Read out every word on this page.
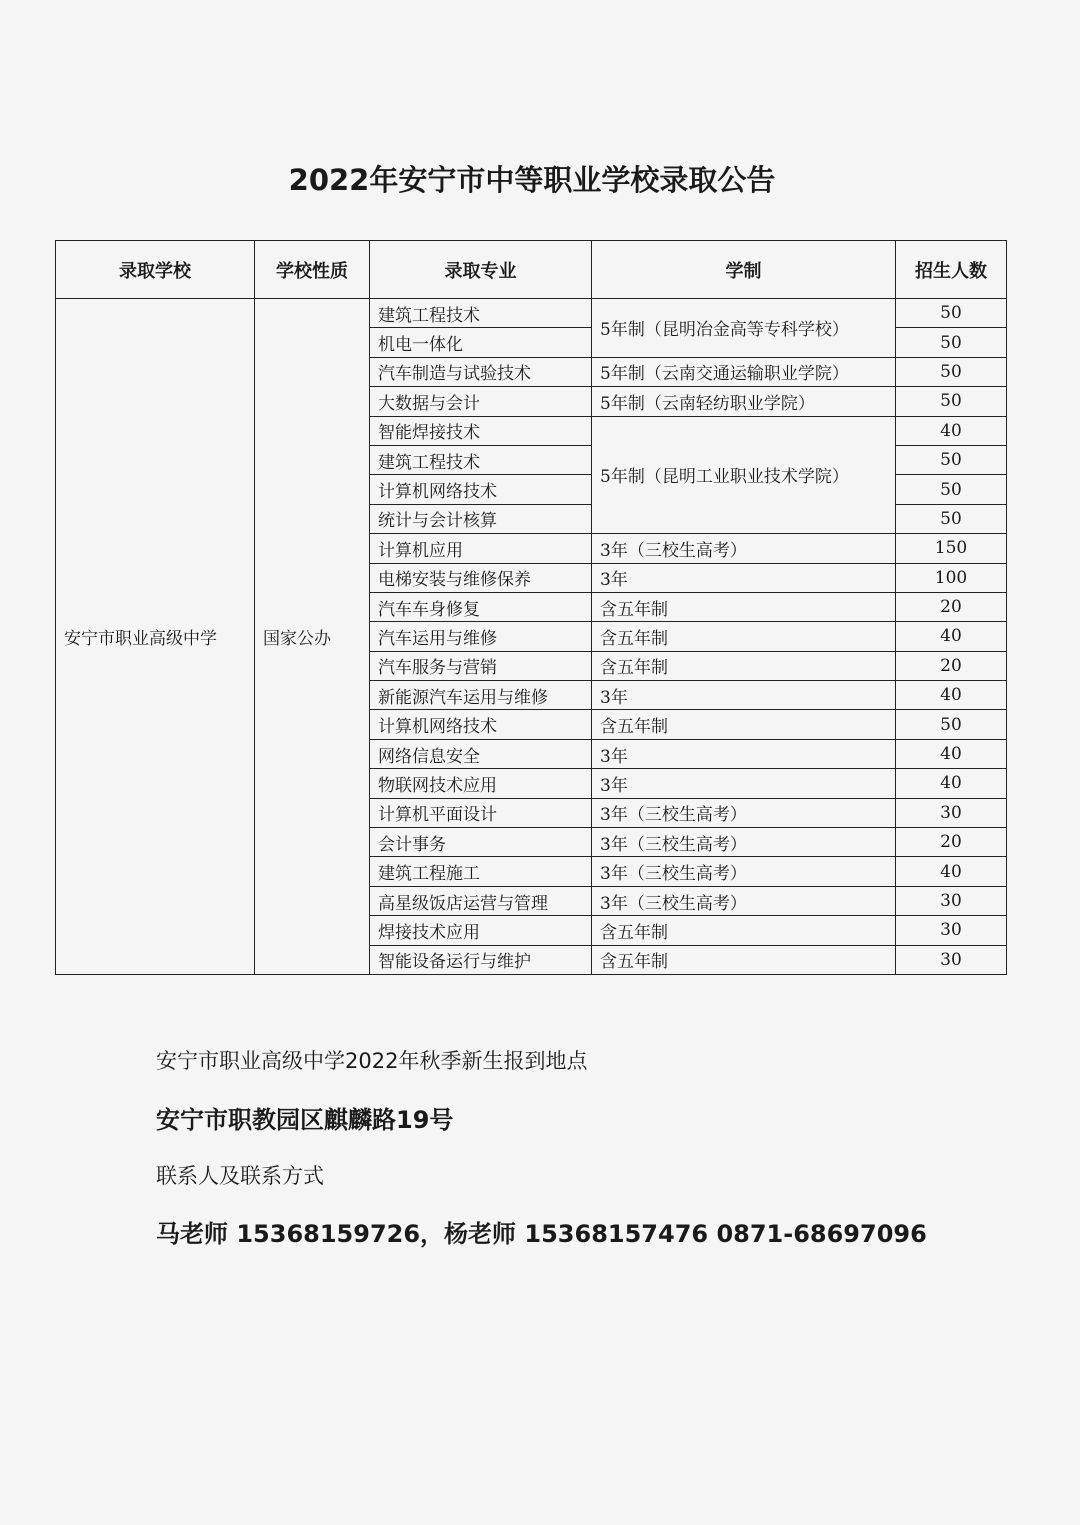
2022年安宁市中等职业学校录取公告
录取学校	学校性质	录取专业	学制	招生人数
安宁市职业高级中学	国家公办	建筑工程技术	5年制（昆明冶金高等专科学校）	50
		机电一体化		50
		汽车制造与试验技术	5年制（云南交通运输职业学院）	50
		大数据与会计	5年制（云南轻纺职业学院）	50
		智能焊接技术	5年制（昆明工业职业技术学院）	40
		建筑工程技术		50
		计算机网络技术		50
		统计与会计核算		50
		计算机应用	3年（三校生高考）	150
		电梯安装与维修保养	3年	100
		汽车车身修复	含五年制	20
		汽车运用与维修	含五年制	40
		汽车服务与营销	含五年制	20
		新能源汽车运用与维修	3年	40
		计算机网络技术	含五年制	50
		网络信息安全	3年	40
		物联网技术应用	3年	40
		计算机平面设计	3年（三校生高考）	30
		会计事务	3年（三校生高考）	20
		建筑工程施工	3年（三校生高考）	40
		高星级饭店运营与管理	3年（三校生高考）	30
		焊接技术应用	含五年制	30
		智能设备运行与维护	含五年制	30
安宁市职业高级中学2022年秋季新生报到地点
安宁市职教园区麒麟路19号
联系人及联系方式
马老师 15368159726，杨老师 15368157476 0871-68697096
